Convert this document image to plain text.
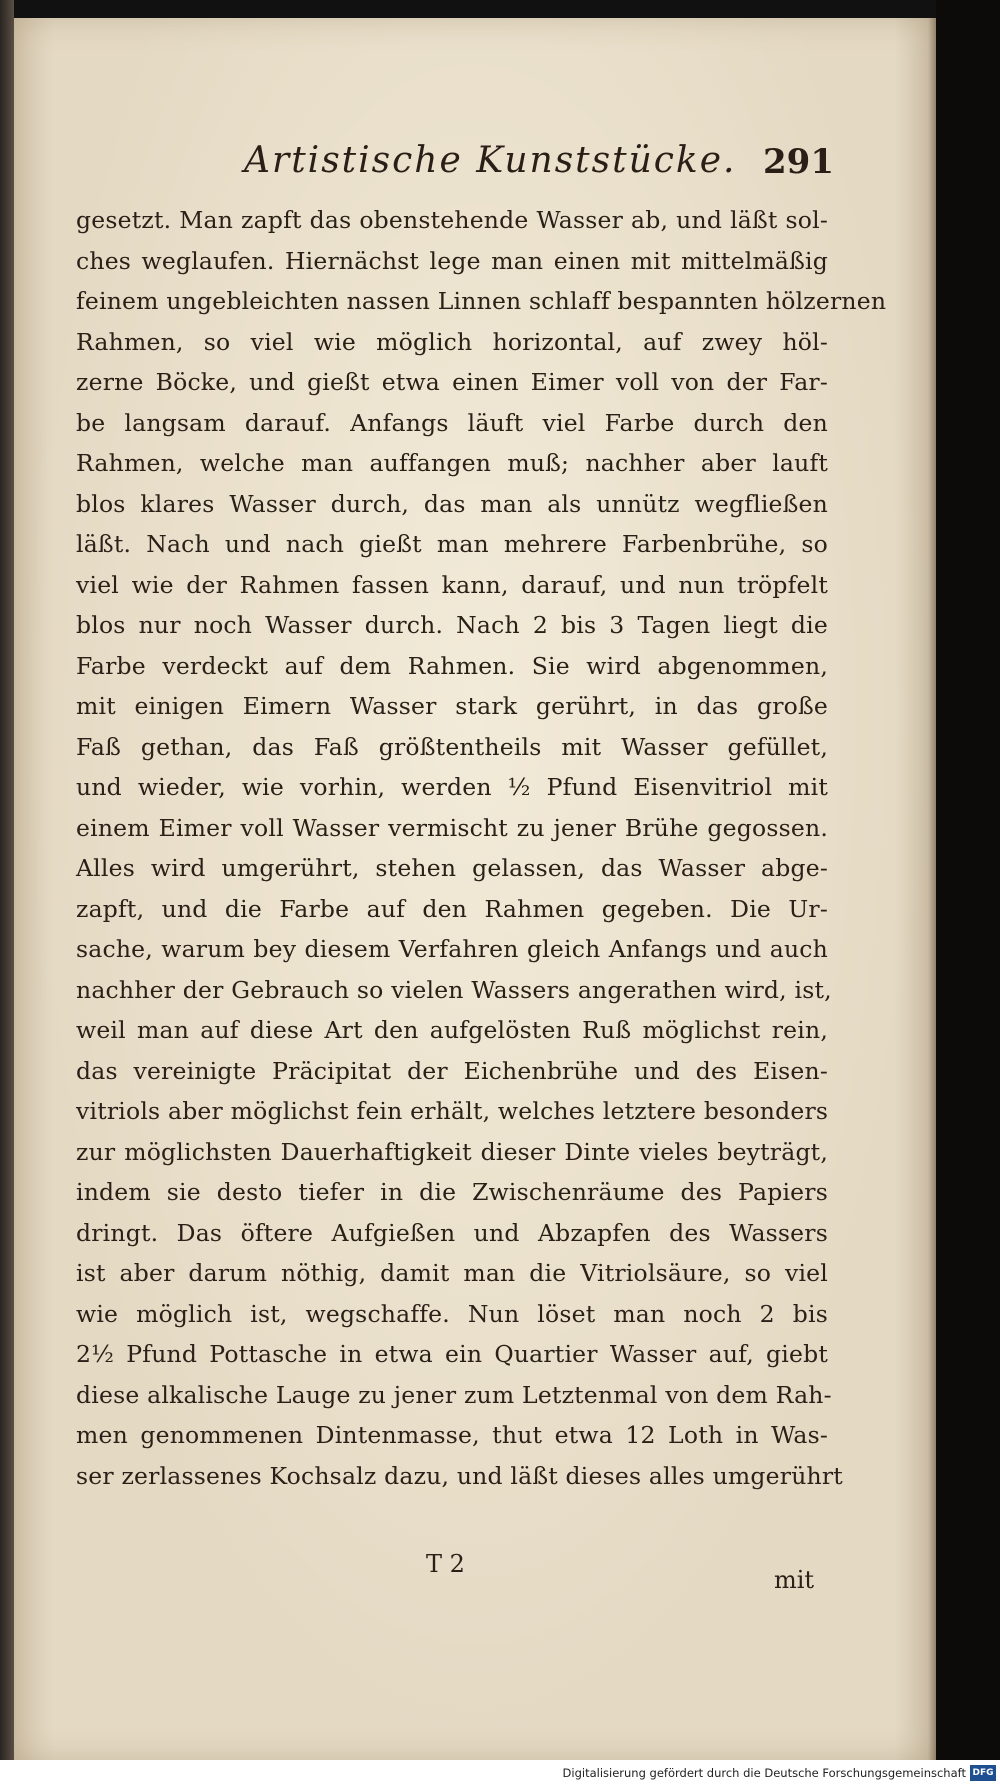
Artistische Kunststücke. 291
gesetzt. Man zapft das obenstehende Wasser ab, und läßt sol-
ches weglaufen. Hiernächst lege man einen mit mittelmäßig
feinem ungebleichten nassen Linnen schlaff bespannten hölzernen
Rahmen, so viel wie möglich horizontal, auf zwey höl-
zerne Böcke, und gießt etwa einen Eimer voll von der Far-
be langsam darauf. Anfangs läuft viel Farbe durch den
Rahmen, welche man auffangen muß; nachher aber lauft
blos klares Wasser durch, das man als unnütz wegfließen
läßt. Nach und nach gießt man mehrere Farbenbrühe, so
viel wie der Rahmen fassen kann, darauf, und nun tröpfelt
blos nur noch Wasser durch. Nach 2 bis 3 Tagen liegt die
Farbe verdeckt auf dem Rahmen. Sie wird abgenommen,
mit einigen Eimern Wasser stark gerührt, in das große
Faß gethan, das Faß größtentheils mit Wasser gefüllet,
und wieder, wie vorhin, werden ½ Pfund Eisenvitriol mit
einem Eimer voll Wasser vermischt zu jener Brühe gegossen.
Alles wird umgerührt, stehen gelassen, das Wasser abge-
zapft, und die Farbe auf den Rahmen gegeben. Die Ur-
sache, warum bey diesem Verfahren gleich Anfangs und auch
nachher der Gebrauch so vielen Wassers angerathen wird, ist,
weil man auf diese Art den aufgelösten Ruß möglichst rein,
das vereinigte Präcipitat der Eichenbrühe und des Eisen-
vitriols aber möglichst fein erhält, welches letztere besonders
zur möglichsten Dauerhaftigkeit dieser Dinte vieles beyträgt,
indem sie desto tiefer in die Zwischenräume des Papiers
dringt. Das öftere Aufgießen und Abzapfen des Wassers
ist aber darum nöthig, damit man die Vitriolsäure, so viel
wie möglich ist, wegschaffe. Nun löset man noch 2 bis
2½ Pfund Pottasche in etwa ein Quartier Wasser auf, giebt
diese alkalische Lauge zu jener zum Letztenmal von dem Rah-
men genommenen Dintenmasse, thut etwa 12 Loth in Was-
ser zerlassenes Kochsalz dazu, und läßt dieses alles umgerührt
T 2
mit
Digitalisierung gefördert durch die Deutsche Forschungsgemeinschaft DFG
